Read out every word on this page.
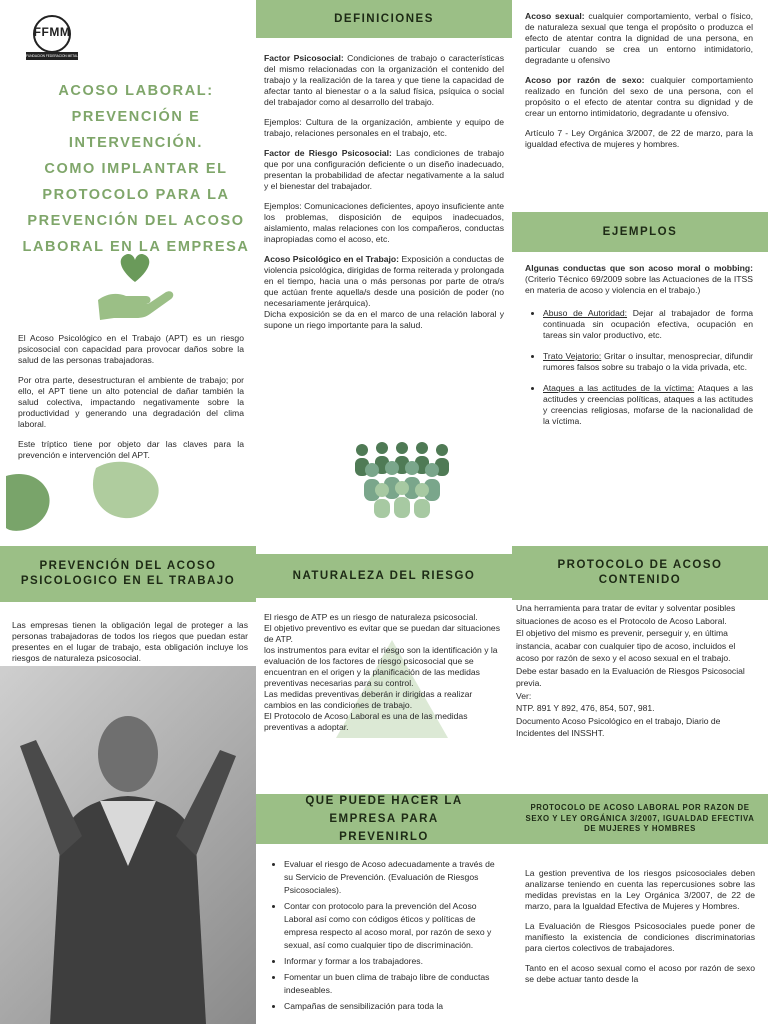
FFMM
FUNDACION FEDERACION METAL MANCHA
ACOSO LABORAL:
PREVENCIÓN E
INTERVENCIÓN.
COMO IMPLANTAR EL
PROTOCOLO PARA LA
PREVENCIÓN DEL ACOSO
LABORAL EN LA EMPRESA

El Acoso Psicológico en el Trabajo (APT) es un riesgo psicosocial con capacidad para provocar daños sobre la salud de las personas trabajadoras.

Por otra parte, desestructuran el ambiente de trabajo; por ello, el APT tiene un alto potencial de dañar también la salud colectiva, impactando negativamente sobre la productividad y generando una degradación del clima laboral.

Este tríptico tiene por objeto dar las claves para la prevención e intervención del APT.

DEFINICIONES

Factor Psicosocial: Condiciones de trabajo o características del mismo relacionadas con la organización el contenido del trabajo y la realización de la tarea y que tiene la capacidad de afectar tanto al bienestar o a la salud física, psíquica o social del trabajador como al desarrollo del trabajo.

Ejemplos: Cultura de la organización, ambiente y equipo de trabajo, relaciones personales en el trabajo, etc.

Factor de Riesgo Psicosocial: Las condiciones de trabajo que por una configuración deficiente o un diseño inadecuado, presentan la probabilidad de afectar negativamente a la salud y el bienestar del trabajador.

Ejemplos: Comunicaciones deficientes, apoyo insuficiente ante los problemas, disposición de equipos inadecuados, aislamiento, malas relaciones con los compañeros, conductas inapropiadas como el acoso, etc.

Acoso Psicológico en el Trabajo: Exposición a conductas de violencia psicológica, dirigidas de forma reiterada y prolongada en el tiempo, hacia una o más personas por parte de otra/s que actúan frente aquella/s desde una posición de poder (no necesariamente jerárquica).
Dicha exposición se da en el marco de una relación laboral y supone un riego importante para la salud.

Acoso sexual: cualquier comportamiento, verbal o físico, de naturaleza sexual que tenga el propósito o produzca el efecto de atentar contra la dignidad de una persona, en particular cuando se crea un entorno intimidatorio, degradante u ofensivo

Acoso por razón de sexo: cualquier comportamiento realizado en función del sexo de una persona, con el propósito o el efecto de atentar contra su dignidad y de crear un entorno intimidatorio, degradante u ofensivo.

Artículo 7 - Ley Orgánica 3/2007, de 22 de marzo, para la igualdad efectiva de mujeres y hombres.

EJEMPLOS

Algunas conductas que son acoso moral o mobbing: (Criterio Técnico 69/2009 sobre las Actuaciones de la ITSS en materia de acoso y violencia en el trabajo.)

• Abuso de Autoridad: Dejar al trabajador de forma continuada sin ocupación efectiva, ocupación en tareas sin valor productivo, etc.
• Trato Vejatorio: Gritar o insultar, menospreciar, difundir rumores falsos sobre su trabajo o la vida privada, etc.
• Ataques a las actitudes de la víctima: Ataques a las actitudes y creencias políticas, ataques a las actitudes y creencias religiosas, mofarse de la nacionalidad de la víctima.
PREVENCIÓN DEL ACOSO PSICOLOGICO EN EL TRABAJO	NATURALEZA DEL RIESGO
PROTOCOLO DE ACOSO CONTENIDO
Las empresas tienen la obligación legal de proteger a las personas trabajadoras de todos los riegos que puedan estar presentes en el lugar de trabajo, esta obligación incluye los riesgos de naturaleza psicosocial.
El riesgo de ATP es un riesgo de naturaleza psicosocial.
El objetivo preventivo es evitar que se puedan dar situaciones de ATP.
los instrumentos para evitar el riesgo son la identificación y la evaluación de los factores de riesgo psicosocial que se encuentran en el origen y la planificación de las medidas preventivas necesarias para su control.
Las medidas preventivas deberán ir dirigidas a realizar cambios en las condiciones de trabajo.
El Protocolo de Acoso Laboral es una de las medidas preventivas a adoptar.
Una herramienta para tratar de evitar y solventar posibles situaciones de acoso es el Protocolo de Acoso Laboral.
El objetivo del mismo es prevenir, perseguir y, en última instancia, acabar con cualquier tipo de acoso, incluidos el acoso por razón de sexo y el acoso sexual en el trabajo.
Debe estar basado en la Evaluación de Riesgos Psicosocial previa.
Ver:
NTP. 891 Y 892, 476, 854, 507, 981.
Documento Acoso Psicológico en el trabajo, Diario de Incidentes del INSSHT.
QUE PUEDE HACER LA EMPRESA PARA PREVENIRLO
• Evaluar el riesgo de Acoso adecuadamente a través de su Servicio de Prevención. (Evaluación de Riesgos Psicosociales).
• Contar con protocolo para la prevención del Acoso Laboral así como con códigos éticos y políticas de empresa respecto al acoso moral, por razón de sexo y sexual, así como cualquier tipo de discriminación.
• Informar y formar a los trabajadores.
• Fomentar un buen clima de trabajo libre de conductas indeseables.
• Campañas de sensibilización para toda la
PROTOCOLO DE ACOSO LABORAL POR RAZON DE SEXO Y LEY ORGÁNICA 3/2007, IGUALDAD EFECTIVA DE MUJERES Y HOMBRES

La gestion preventiva de los riesgos psicosociales deben analizarse teniendo en cuenta las repercusiones sobre las medidas previstas en la Ley Orgánica 3/2007, de 22 de marzo, para la Igualdad Efectiva de Mujeres y Hombres.

La Evaluación de Riesgos Psicosociales puede poner de manifiesto la existencia de condiciones discriminatorias para ciertos colectivos de trabajadores.

Tanto en el acoso sexual como el acoso por razón de sexo se debe actuar tanto desde la
